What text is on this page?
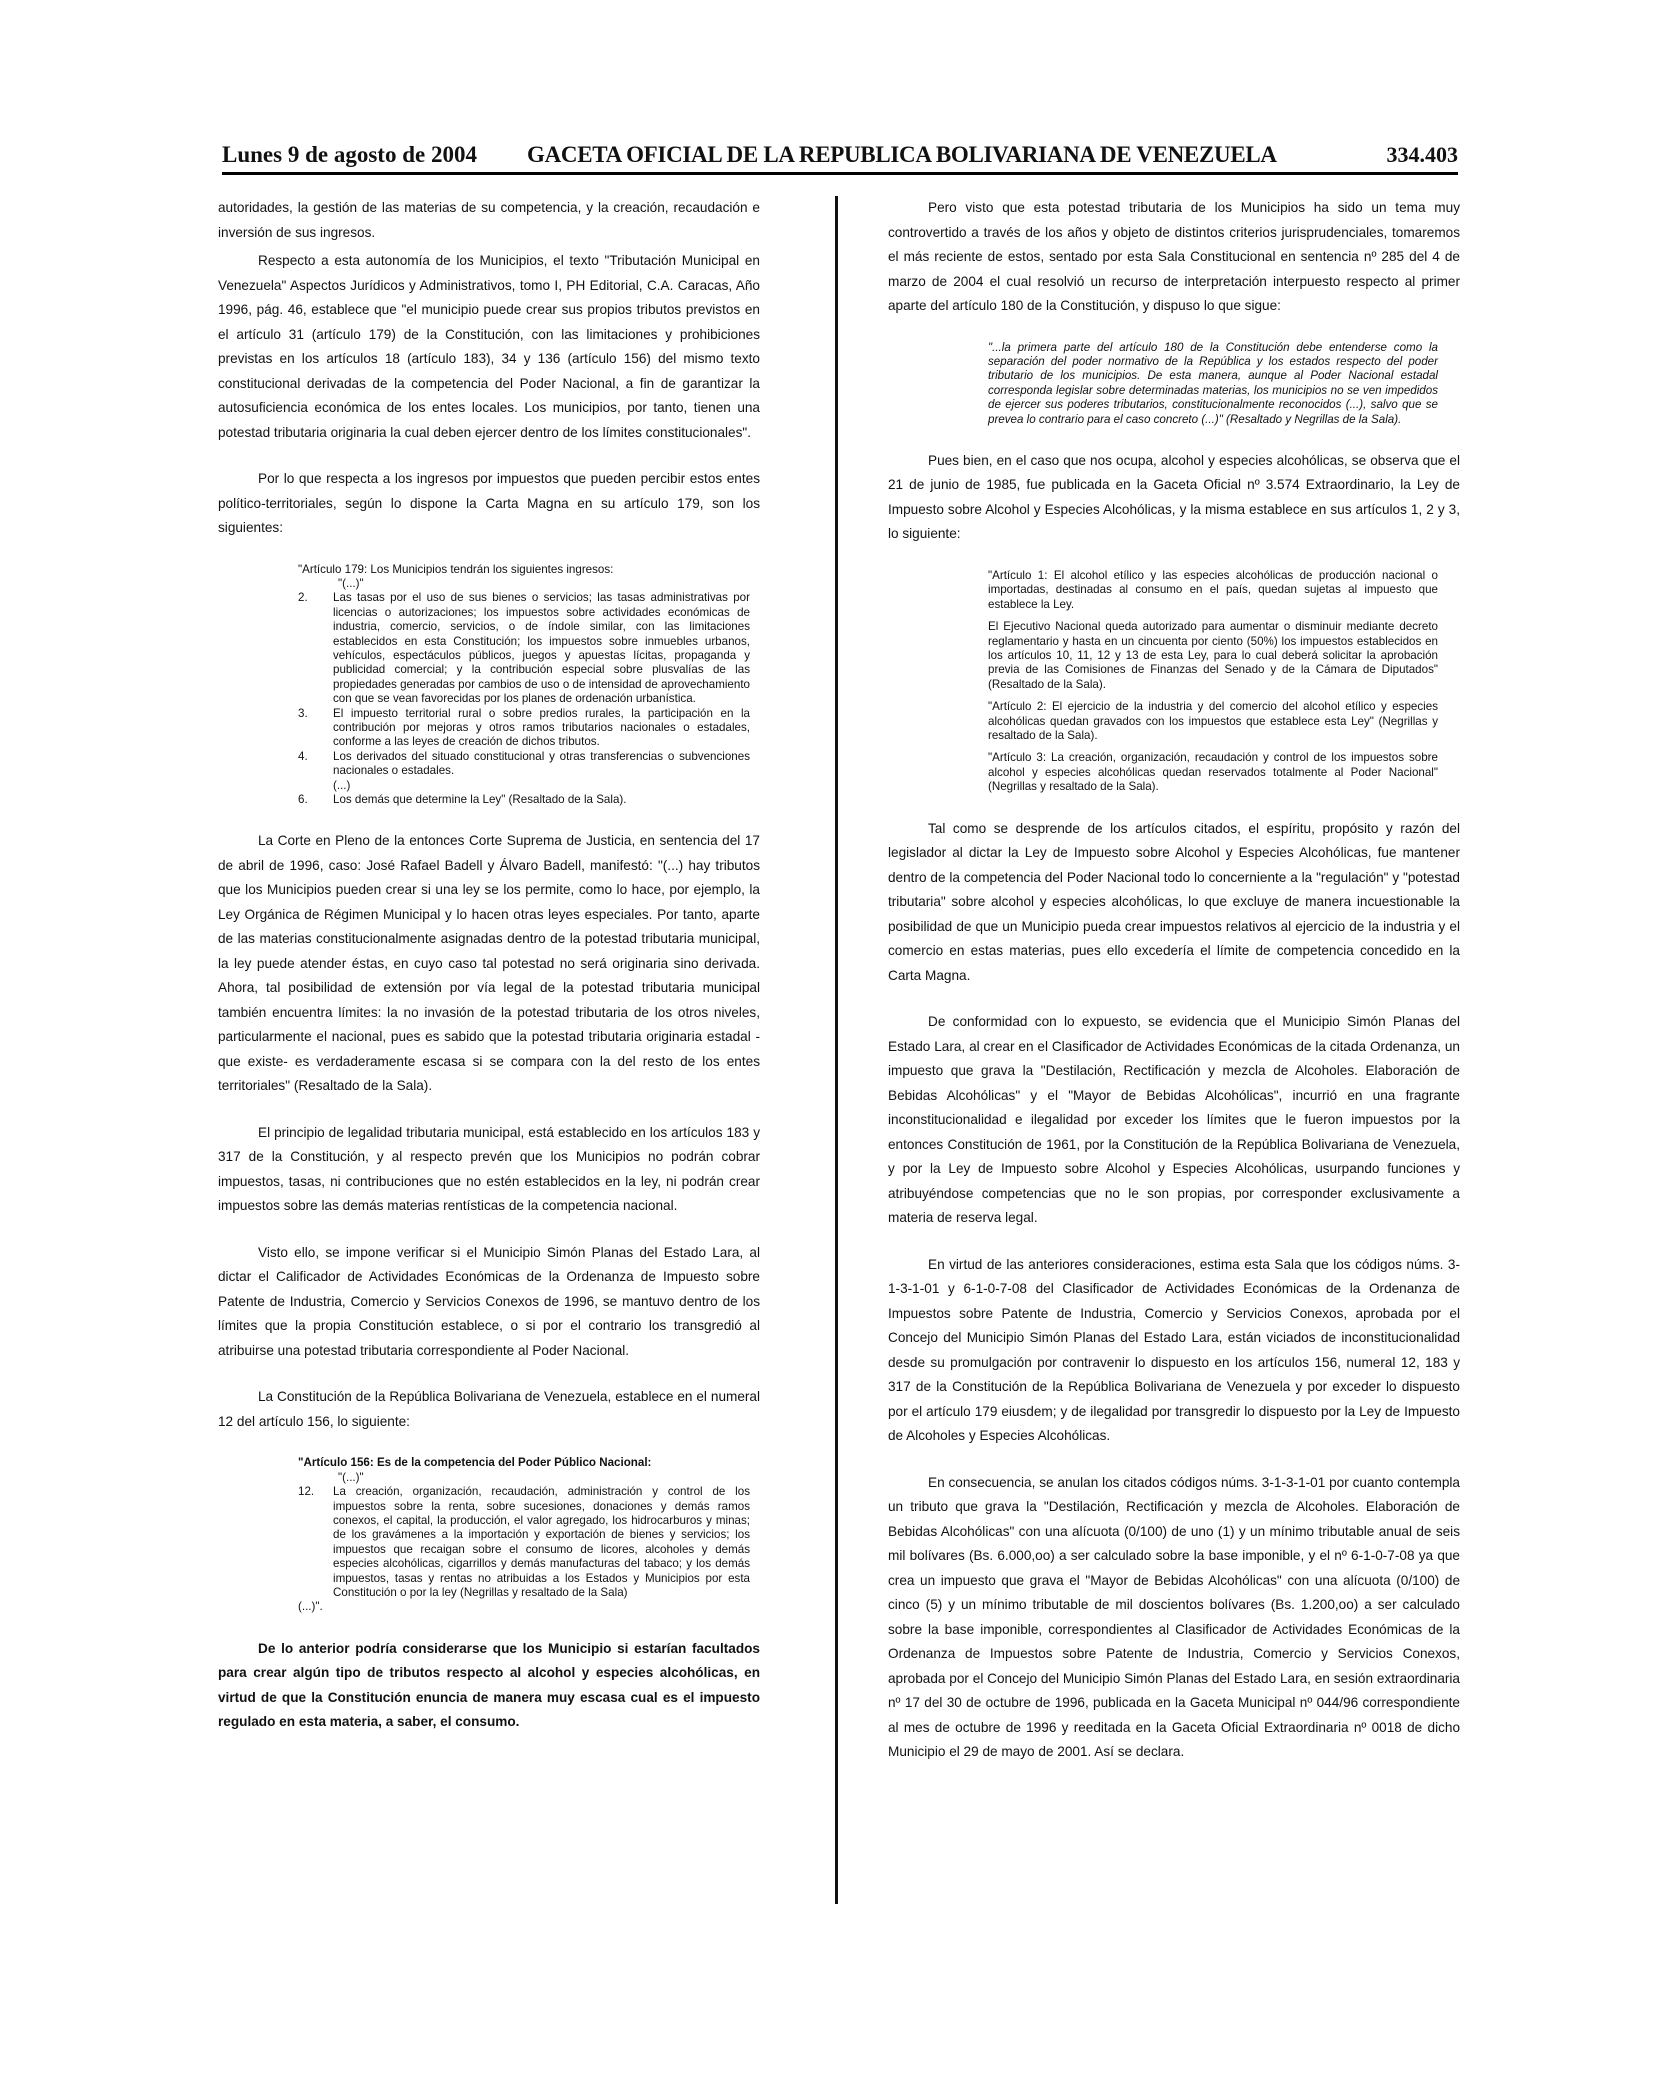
Lunes 9 de agosto de 2004 GACETA OFICIAL DE LA REPUBLICA BOLIVARIANA DE VENEZUELA	334.403

autoridades, la gestión de las materias de su competencia, y la creación, recaudación e inversión de sus ingresos.

Respecto a esta autonomía de los Municipios, el texto "Tributación Municipal en Venezuela" Aspectos Jurídicos y Administrativos, tomo I, PH Editorial, C.A. Caracas, Año 1996, pág. 46, establece que "el municipio puede crear sus propios tributos previstos en el artículo 31 (artículo 179) de la Constitución, con las limitaciones y prohibiciones previstas en los artículos 18 (artículo 183), 34 y 136 (artículo 156) del mismo texto constitucional derivadas de la competencia del Poder Nacional, a fin de garantizar la autosuficiencia económica de los entes locales. Los municipios, por tanto, tienen una potestad tributaria originaria la cual deben ejercer dentro de los límites constitucionales".

Por lo que respecta a los ingresos por impuestos que pueden percibir estos entes político-territoriales, según lo dispone la Carta Magna en su artículo 179, son los siguientes:

"Artículo 179: Los Municipios tendrán los siguientes ingresos:

"(...)"

2. Las tasas por el uso de sus bienes o servicios; las tasas administrativas por licencias o autorizaciones; los impuestos sobre actividades económicas de industria, comercio, servicios, o de índole similar, con las limitaciones establecidos en esta Constitución; los impuestos sobre inmuebles urbanos, vehículos, espectáculos públicos, juegos y apuestas lícitas, propaganda y publicidad comercial; y la contribución especial sobre plusvalías de las propiedades generadas por cambios de uso o de intensidad de aprovechamiento con que se vean favorecidas por los planes de ordenación urbanística.
3. El impuesto territorial rural o sobre predios rurales, la participación en la contribución por mejoras y otros ramos tributarios nacionales o estadales, conforme a las leyes de creación de dichos tributos.
4. Los derivados del situado constitucional y otras transferencias o subvenciones nacionales o estadales.
(...)
6. Los demás que determine la Ley" (Resaltado de la Sala).

La Corte en Pleno de la entonces Corte Suprema de Justicia, en sentencia del 17 de abril de 1996, caso: José Rafael Badell y Álvaro Badell, manifestó: "(...) hay tributos que los Municipios pueden crear si una ley se los permite, como lo hace, por ejemplo, la Ley Orgánica de Régimen Municipal y lo hacen otras leyes especiales. Por tanto, aparte de las materias constitucionalmente asignadas dentro de la potestad tributaria municipal, la ley puede atender éstas, en cuyo caso tal potestad no será originaria sino derivada. Ahora, tal posibilidad de extensión por vía legal de la potestad tributaria municipal también encuentra límites: la no invasión de la potestad tributaria de los otros niveles, particularmente el nacional, pues es sabido que la potestad tributaria originaria estadal -que existe- es verdaderamente escasa si se compara con la del resto de los entes territoriales" (Resaltado de la Sala).

El principio de legalidad tributaria municipal, está establecido en los artículos 183 y 317 de la Constitución, y al respecto prevén que los Municipios no podrán cobrar impuestos, tasas, ni contribuciones que no estén establecidos en la ley, ni podrán crear impuestos sobre las demás materias rentísticas de la competencia nacional.

Visto ello, se impone verificar si el Municipio Simón Planas del Estado Lara, al dictar el Calificador de Actividades Económicas de la Ordenanza de Impuesto sobre Patente de Industria, Comercio y Servicios Conexos de 1996, se mantuvo dentro de los límites que la propia Constitución establece, o si por el contrario los transgredió al atribuirse una potestad tributaria correspondiente al Poder Nacional.

La Constitución de la República Bolivariana de Venezuela, establece en el numeral 12 del artículo 156, lo siguiente:

"Artículo 156: Es de la competencia del Poder Público Nacional:

"(...)"

12. La creación, organización, recaudación, administración y control de los impuestos sobre la renta, sobre sucesiones, donaciones y demás ramos conexos, el capital, la producción, el valor agregado, los hidrocarburos y minas; de los gravámenes a la importación y exportación de bienes y servicios; los impuestos que recaigan sobre el consumo de licores, alcoholes y demás especies alcohólicas, cigarrillos y demás manufacturas del tabaco; y los demás impuestos, tasas y rentas no atribuidas a los Estados y Municipios por esta Constitución o por la ley (Negrillas y resaltado de la Sala)

(...)".

De lo anterior podría considerarse que los Municipio si estarían facultados para crear algún tipo de tributos respecto al alcohol y especies alcohólicas, en virtud de que la Constitución enuncia de manera muy escasa cual es el impuesto regulado en esta materia, a saber, el consumo.

Pero visto que esta potestad tributaria de los Municipios ha sido un tema muy controvertido a través de los años y objeto de distintos criterios jurisprudenciales, tomaremos el más reciente de estos, sentado por esta Sala Constitucional en sentencia nº 285 del 4 de marzo de 2004 el cual resolvió un recurso de interpretación interpuesto respecto al primer aparte del artículo 180 de la Constitución, y dispuso lo que sigue:

"...la primera parte del artículo 180 de la Constitución debe entenderse como la separación del poder normativo de la República y los estados respecto del poder tributario de los municipios. De esta manera, aunque al Poder Nacional estadal corresponda legislar sobre determinadas materias, los municipios no se ven impedidos de ejercer sus poderes tributarios, constitucionalmente reconocidos (...), salvo que se prevea lo contrario para el caso concreto (...)" (Resaltado y Negrillas de la Sala).

Pues bien, en el caso que nos ocupa, alcohol y especies alcohólicas, se observa que el 21 de junio de 1985, fue publicada en la Gaceta Oficial nº 3.574 Extraordinario, la Ley de Impuesto sobre Alcohol y Especies Alcohólicas, y la misma establece en sus artículos 1, 2 y 3, lo siguiente:

"Artículo 1: El alcohol etílico y las especies alcohólicas de producción nacional o importadas, destinadas al consumo en el país, quedan sujetas al impuesto que establece la Ley.

El Ejecutivo Nacional queda autorizado para aumentar o disminuir mediante decreto reglamentario y hasta en un cincuenta por ciento (50%) los impuestos establecidos en los artículos 10, 11, 12 y 13 de esta Ley, para lo cual deberá solicitar la aprobación previa de las Comisiones de Finanzas del Senado y de la Cámara de Diputados" (Resaltado de la Sala).

"Artículo 2: El ejercicio de la industria y del comercio del alcohol etílico y especies alcohólicas quedan gravados con los impuestos que establece esta Ley" (Negrillas y resaltado de la Sala).

"Artículo 3: La creación, organización, recaudación y control de los impuestos sobre alcohol y especies alcohólicas quedan reservados totalmente al Poder Nacional" (Negrillas y resaltado de la Sala).

Tal como se desprende de los artículos citados, el espíritu, propósito y razón del legislador al dictar la Ley de Impuesto sobre Alcohol y Especies Alcohólicas, fue mantener dentro de la competencia del Poder Nacional todo lo concerniente a la "regulación" y "potestad tributaria" sobre alcohol y especies alcohólicas, lo que excluye de manera incuestionable la posibilidad de que un Municipio pueda crear impuestos relativos al ejercicio de la industria y el comercio en estas materias, pues ello excedería el límite de competencia concedido en la Carta Magna.

De conformidad con lo expuesto, se evidencia que el Municipio Simón Planas del Estado Lara, al crear en el Clasificador de Actividades Económicas de la citada Ordenanza, un impuesto que grava la "Destilación, Rectificación y mezcla de Alcoholes. Elaboración de Bebidas Alcohólicas" y el "Mayor de Bebidas Alcohólicas", incurrió en una fragrante inconstitucionalidad e ilegalidad por exceder los límites que le fueron impuestos por la entonces Constitución de 1961, por la Constitución de la República Bolivariana de Venezuela, y por la Ley de Impuesto sobre Alcohol y Especies Alcohólicas, usurpando funciones y atribuyéndose competencias que no le son propias, por corresponder exclusivamente a materia de reserva legal.

En virtud de las anteriores consideraciones, estima esta Sala que los códigos núms. 3-1-3-1-01 y 6-1-0-7-08 del Clasificador de Actividades Económicas de la Ordenanza de Impuestos sobre Patente de Industria, Comercio y Servicios Conexos, aprobada por el Concejo del Municipio Simón Planas del Estado Lara, están viciados de inconstitucionalidad desde su promulgación por contravenir lo dispuesto en los artículos 156, numeral 12, 183 y 317 de la Constitución de la República Bolivariana de Venezuela y por exceder lo dispuesto por el artículo 179 eiusdem; y de ilegalidad por transgredir lo dispuesto por la Ley de Impuesto de Alcoholes y Especies Alcohólicas.

En consecuencia, se anulan los citados códigos núms. 3-1-3-1-01 por cuanto contempla un tributo que grava la "Destilación, Rectificación y mezcla de Alcoholes. Elaboración de Bebidas Alcohólicas" con una alícuota (0/100) de uno (1) y un mínimo tributable anual de seis mil bolívares (Bs. 6.000,oo) a ser calculado sobre la base imponible, y el nº 6-1-0-7-08 ya que crea un impuesto que grava el "Mayor de Bebidas Alcohólicas" con una alícuota (0/100) de cinco (5) y un mínimo tributable de mil doscientos bolívares (Bs. 1.200,oo) a ser calculado sobre la base imponible, correspondientes al Clasificador de Actividades Económicas de la Ordenanza de Impuestos sobre Patente de Industria, Comercio y Servicios Conexos, aprobada por el Concejo del Municipio Simón Planas del Estado Lara, en sesión extraordinaria nº 17 del 30 de octubre de 1996, publicada en la Gaceta Municipal nº 044/96 correspondiente al mes de octubre de 1996 y reeditada en la Gaceta Oficial Extraordinaria nº 0018 de dicho Municipio el 29 de mayo de 2001. Así se declara.
